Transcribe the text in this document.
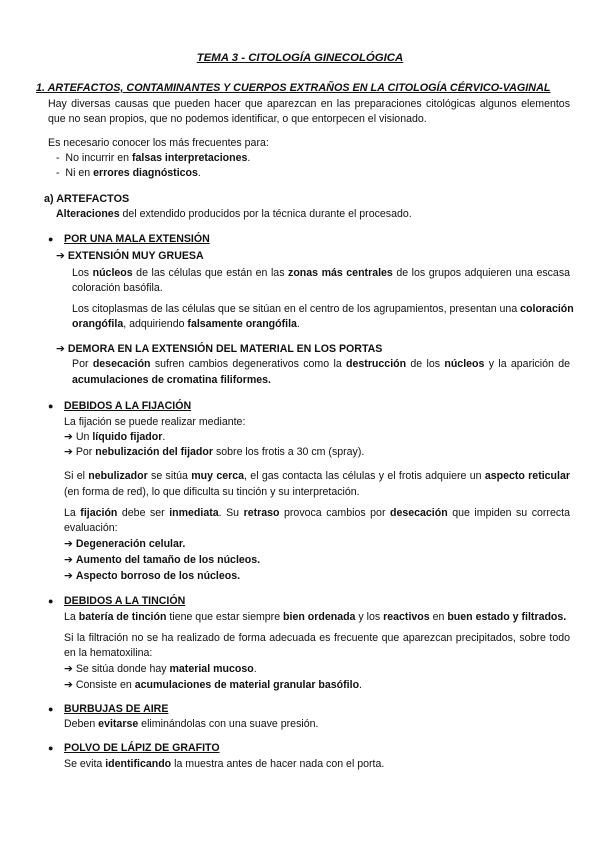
TEMA 3 - CITOLOGÍA GINECOLÓGICA
1. ARTEFACTOS, CONTAMINANTES Y CUERPOS EXTRAÑOS EN LA CITOLOGÍA CÉRVICO-VAGINAL
Hay diversas causas que pueden hacer que aparezcan en las preparaciones citológicas algunos elementos que no sean propios, que no podemos identificar, o que entorpecen el visionado.
Es necesario conocer los más frecuentes para:
- No incurrir en falsas interpretaciones.
- Ni en errores diagnósticos.
a) ARTEFACTOS
Alteraciones del extendido producidos por la técnica durante el procesado.
● POR UNA MALA EXTENSIÓN
➔ EXTENSIÓN MUY GRUESA
Los núcleos de las células que están en las zonas más centrales de los grupos adquieren una escasa
coloración basófila.
Los citoplasmas de las células que se sitúan en el centro de los agrupamientos, presentan una coloración
orangófila, adquiriendo falsamente orangófila.
➔ DEMORA EN LA EXTENSIÓN DEL MATERIAL EN LOS PORTAS
Por desecación sufren cambios degenerativos como la destrucción de los núcleos y la aparición de
acumulaciones de cromatina filiformes.
● DEBIDOS A LA FIJACIÓN
La fijación se puede realizar mediante:
➔ Un líquido fijador.
➔ Por nebulización del fijador sobre los frotis a 30 cm (spray).
Si el nebulizador se sitúa muy cerca, el gas contacta las células y el frotis adquiere un aspecto reticular
(en forma de red), lo que dificulta su tinción y su interpretación.
La fijación debe ser inmediata. Su retraso provoca cambios por desecación que impiden su correcta
evaluación:
➔ Degeneración celular.
➔ Aumento del tamaño de los núcleos.
➔ Aspecto borroso de los núcleos.
● DEBIDOS A LA TINCIÓN
La batería de tinción tiene que estar siempre bien ordenada y los reactivos en buen estado y filtrados.
Si la filtración no se ha realizado de forma adecuada es frecuente que aparezcan precipitados, sobre todo
en la hematoxilina:
➔ Se sitúa donde hay material mucoso.
➔ Consiste en acumulaciones de material granular basófilo.
● BURBUJAS DE AIRE
Deben evitarse eliminándolas con una suave presión.
● POLVO DE LÁPIZ DE GRAFITO
Se evita identificando la muestra antes de hacer nada con el porta.
